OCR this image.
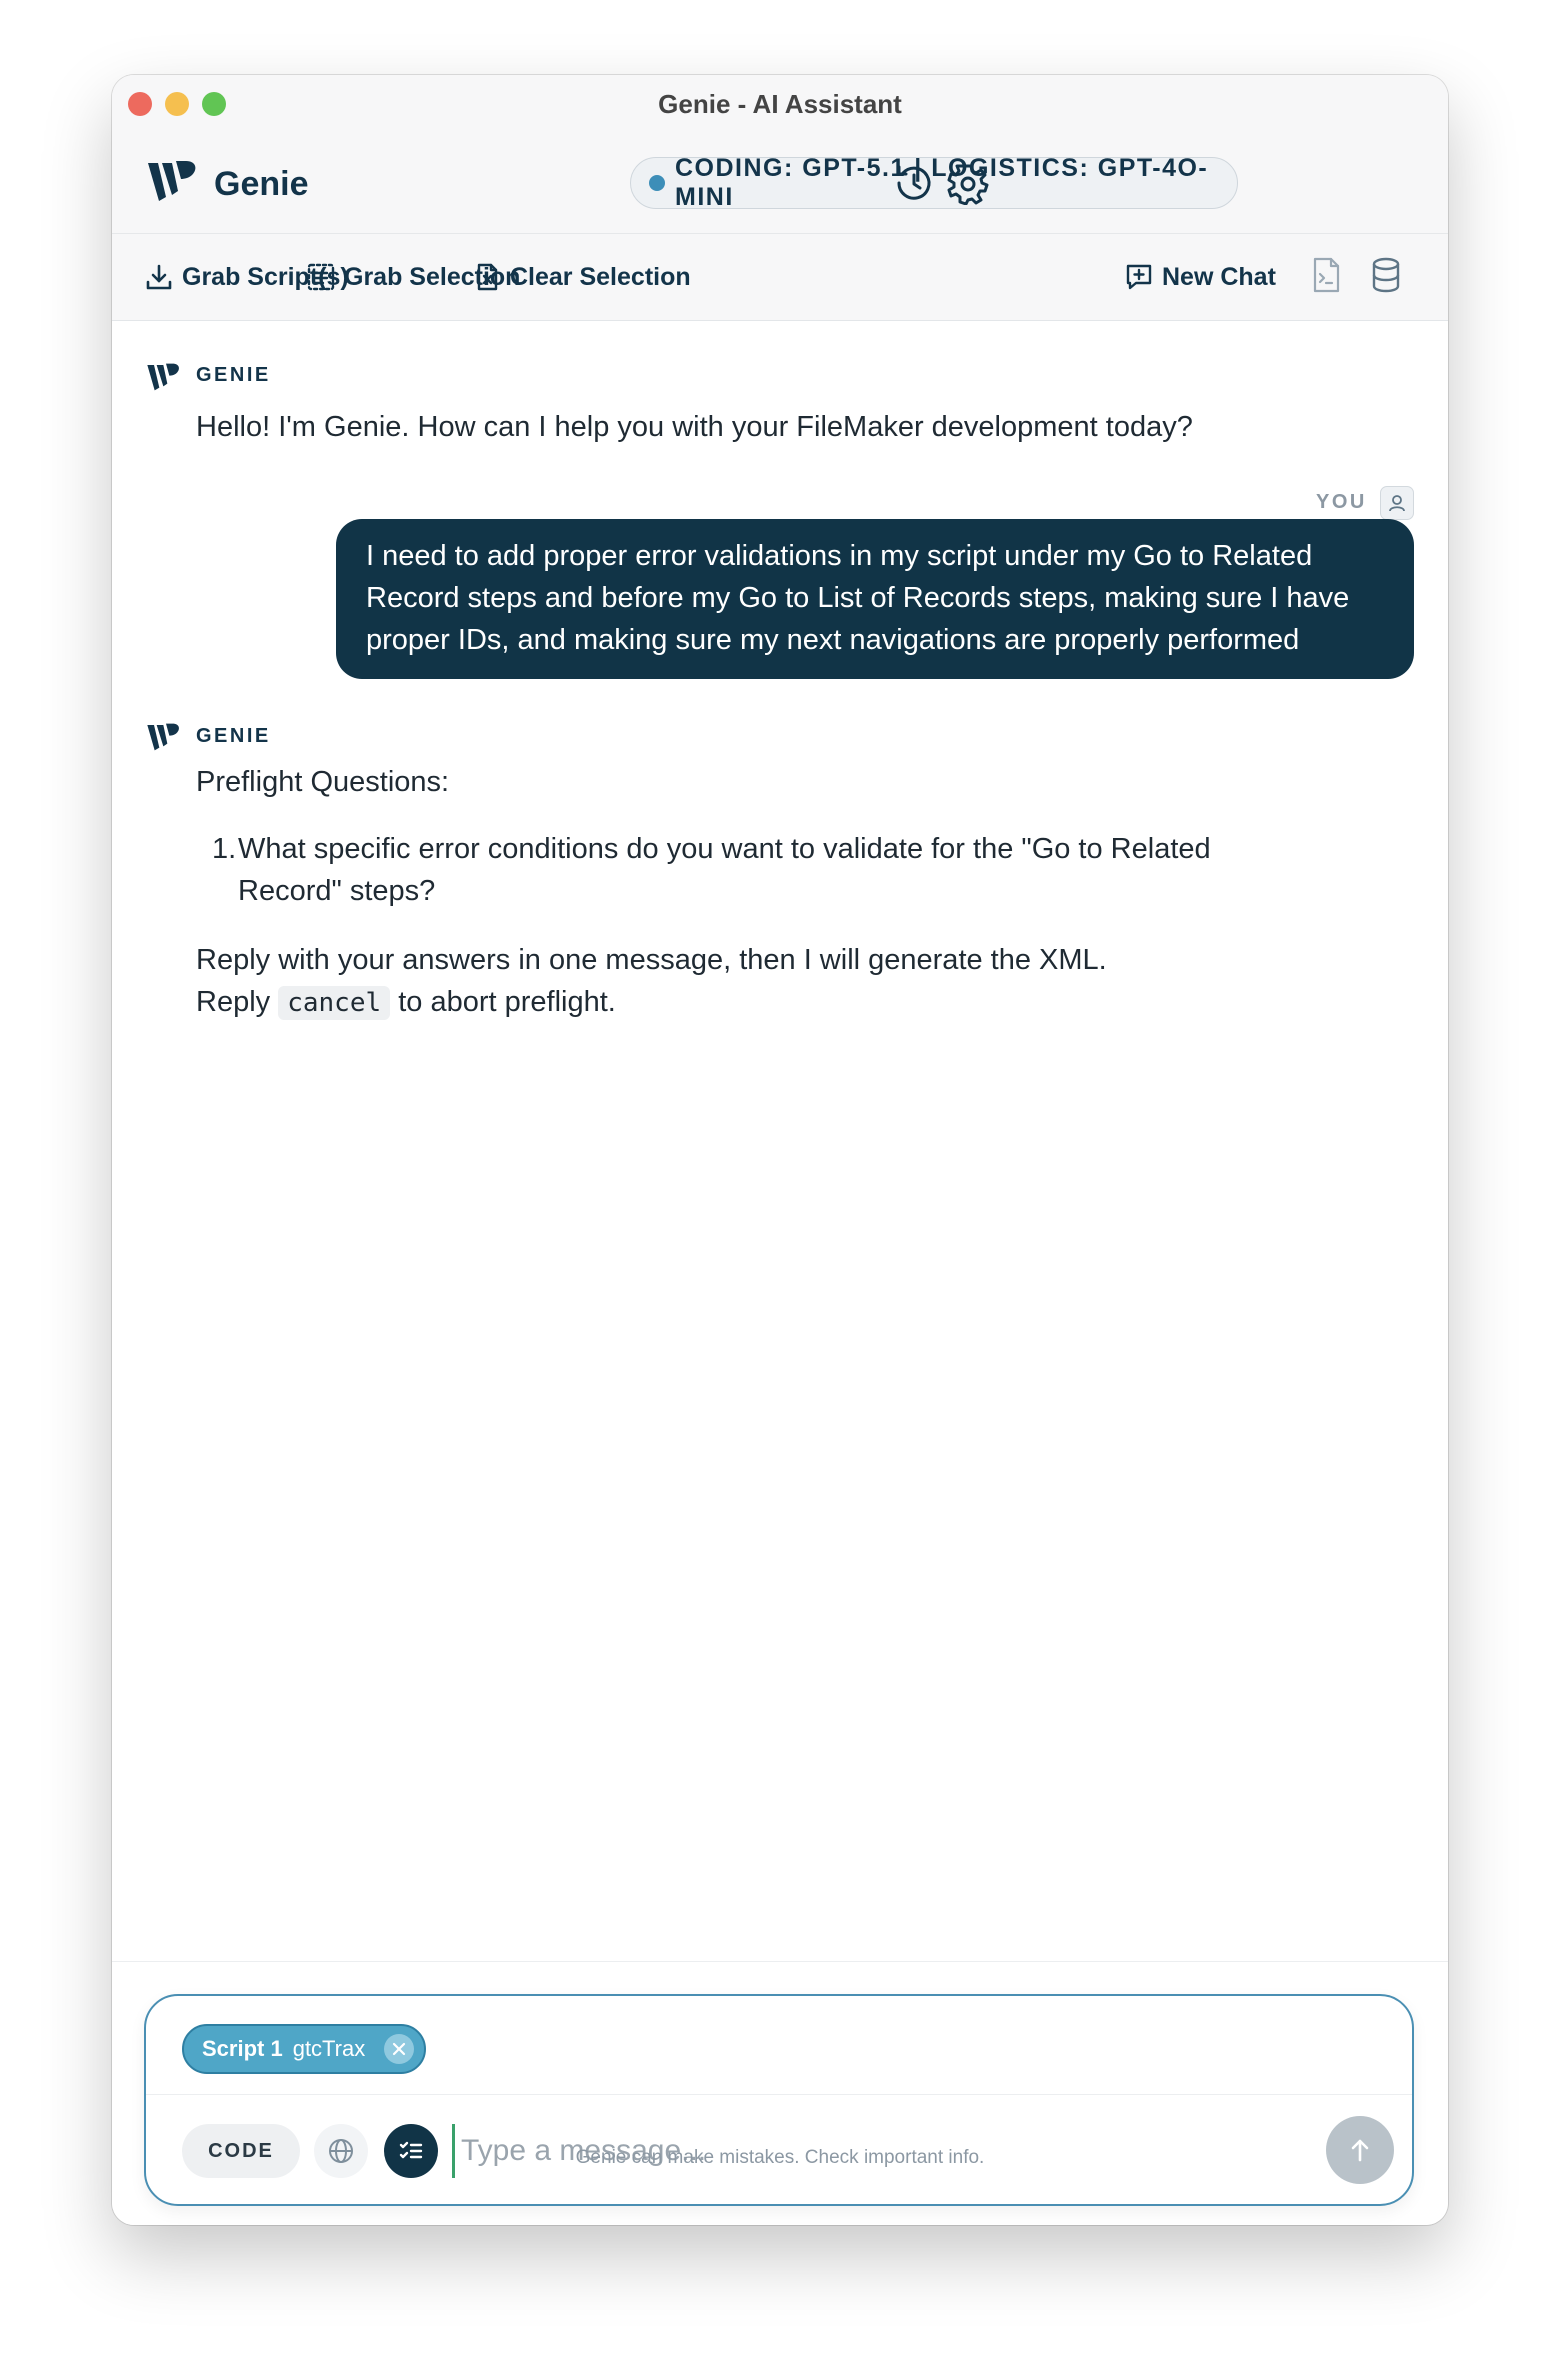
Genie - AI Assistant
Genie	CODING: GPT-5.1 | LOGISTICS: GPT-4O-MINI
Grab Script(s)
Grab Selection
Clear Selection	New Chat
GENIE
Hello! I'm Genie. How can I help you with your FileMaker development today?
YOU
I need to add proper error validations in my script under my Go to Related Record steps and before my Go to List of Records steps, making sure I have proper IDs, and making sure my next navigations are properly performed
GENIE
Preflight Questions:
1. What specific error conditions do you want to validate for the "Go to Related
Record" steps?
Reply with your answers in one message, then I will generate the XML.
Reply cancel to abort preflight.
Script 1 gtcTrax
CODE
Type a message...	Genie can make mistakes. Check important info.
